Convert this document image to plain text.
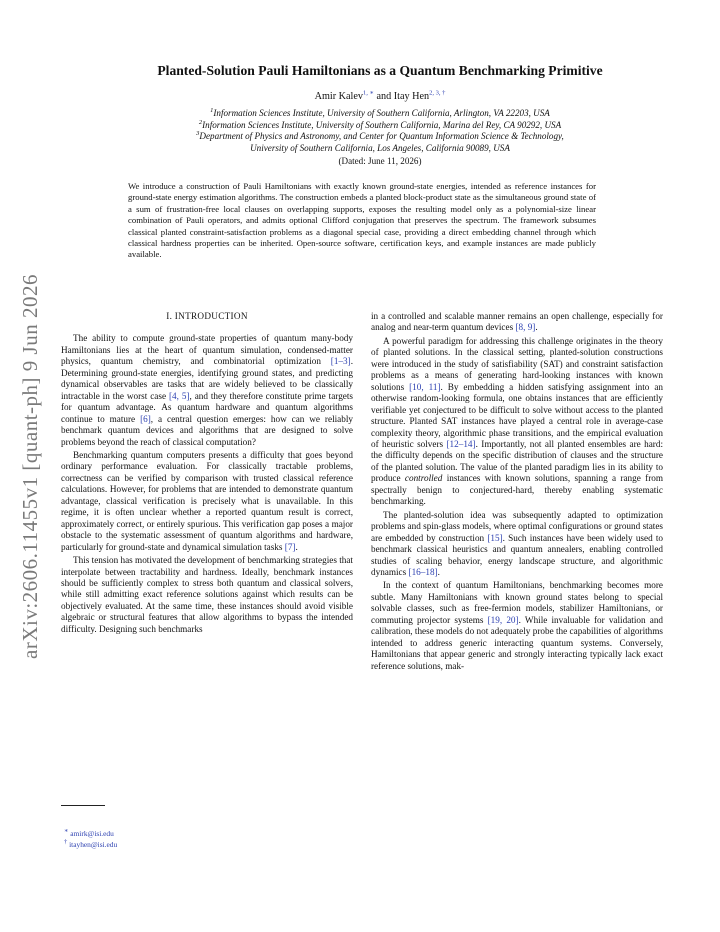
arXiv:2606.11455v1 [quant-ph] 9 Jun 2026
Planted-Solution Pauli Hamiltonians as a Quantum Benchmarking Primitive
Amir Kalev$^{1, ∗}$ and Itay Hen$^{2, 3, \dagger}$
$^1$Information Sciences Institute, University of Southern California, Arlington, VA 22203, USA
$^2$Information Sciences Institute, University of Southern California, Marina del Rey, CA 90292, USA
$^3$Department of Physics and Astronomy, and Center for Quantum Information Science & Technology,
University of Southern California, Los Angeles, California 90089, USA
(Dated: June 11, 2026)
We introduce a construction of Pauli Hamiltonians with exactly known ground-state energies, intended as reference instances for ground-state energy estimation algorithms. The construction embeds a planted block-product state as the simultaneous ground state of a sum of frustration-free local clauses on overlapping supports, exposes the resulting model only as a polynomial-size linear combination of Pauli operators, and admits optional Clifford conjugation that preserves the spectrum. The framework subsumes classical planted constraint-satisfaction problems as a diagonal special case, providing a direct embedding channel through which classical hardness properties can be inherited. Open-source software, certification keys, and example instances are made publicly available.
I. INTRODUCTION

The ability to compute ground-state properties of quantum many-body Hamiltonians lies at the heart of quantum simulation, condensed-matter physics, quantum chemistry, and combinatorial optimization [1–3]. Determining ground-state energies, identifying ground states, and predicting dynamical observables are tasks that are widely believed to be classically intractable in the worst case [4, 5], and they therefore constitute prime targets for quantum advantage. As quantum hardware and quantum algorithms continue to mature [6], a central question emerges: how can we reliably benchmark quantum devices and algorithms that are designed to solve problems beyond the reach of classical computation?

Benchmarking quantum computers presents a difficulty that goes beyond ordinary performance evaluation. For classically tractable problems, correctness can be verified by comparison with trusted classical reference calculations. However, for problems that are intended to demonstrate quantum advantage, classical verification is precisely what is unavailable. In this regime, it is often unclear whether a reported quantum result is correct, approximately correct, or entirely spurious. This verification gap poses a major obstacle to the systematic assessment of quantum algorithms and hardware, particularly for ground-state and dynamical simulation tasks [7].

This tension has motivated the development of benchmarking strategies that interpolate between tractability and hardness. Ideally, benchmark instances should be sufficiently complex to stress both quantum and classical solvers, while still admitting exact reference solutions against which results can be objectively evaluated. At the same time, these instances should avoid visible algebraic or structural features that allow algorithms to bypass the intended difficulty. Designing such benchmarks

in a controlled and scalable manner remains an open challenge, especially for analog and near-term quantum devices [8, 9].

A powerful paradigm for addressing this challenge originates in the theory of planted solutions. In the classical setting, planted-solution constructions were introduced in the study of satisfiability (SAT) and constraint satisfaction problems as a means of generating hard-looking instances with known solutions [10, 11]. By embedding a hidden satisfying assignment into an otherwise random-looking formula, one obtains instances that are efficiently verifiable yet conjectured to be difficult to solve without access to the planted structure. Planted SAT instances have played a central role in average-case complexity theory, algorithmic phase transitions, and the empirical evaluation of heuristic solvers [12–14]. Importantly, not all planted ensembles are hard: the difficulty depends on the specific distribution of clauses and the structure of the planted solution. The value of the planted paradigm lies in its ability to produce controlled instances with known solutions, spanning a range from spectrally benign to conjectured-hard, thereby enabling systematic benchmarking.

The planted-solution idea was subsequently adapted to optimization problems and spin-glass models, where optimal configurations or ground states are embedded by construction [15]. Such instances have been widely used to benchmark classical heuristics and quantum annealers, enabling controlled studies of scaling behavior, energy landscape structure, and algorithmic dynamics [16–18].

In the context of quantum Hamiltonians, benchmarking becomes more subtle. Many Hamiltonians with known ground states belong to special solvable classes, such as free-fermion models, stabilizer Hamiltonians, or commuting projector systems [19, 20]. While invaluable for validation and calibration, these models do not adequately probe the capabilities of algorithms intended to address generic interacting quantum systems. Conversely, Hamiltonians that appear generic and strongly interacting typically lack exact reference solutions, mak-

∗ amirk@isi.edu
† itayhen@isi.edu
